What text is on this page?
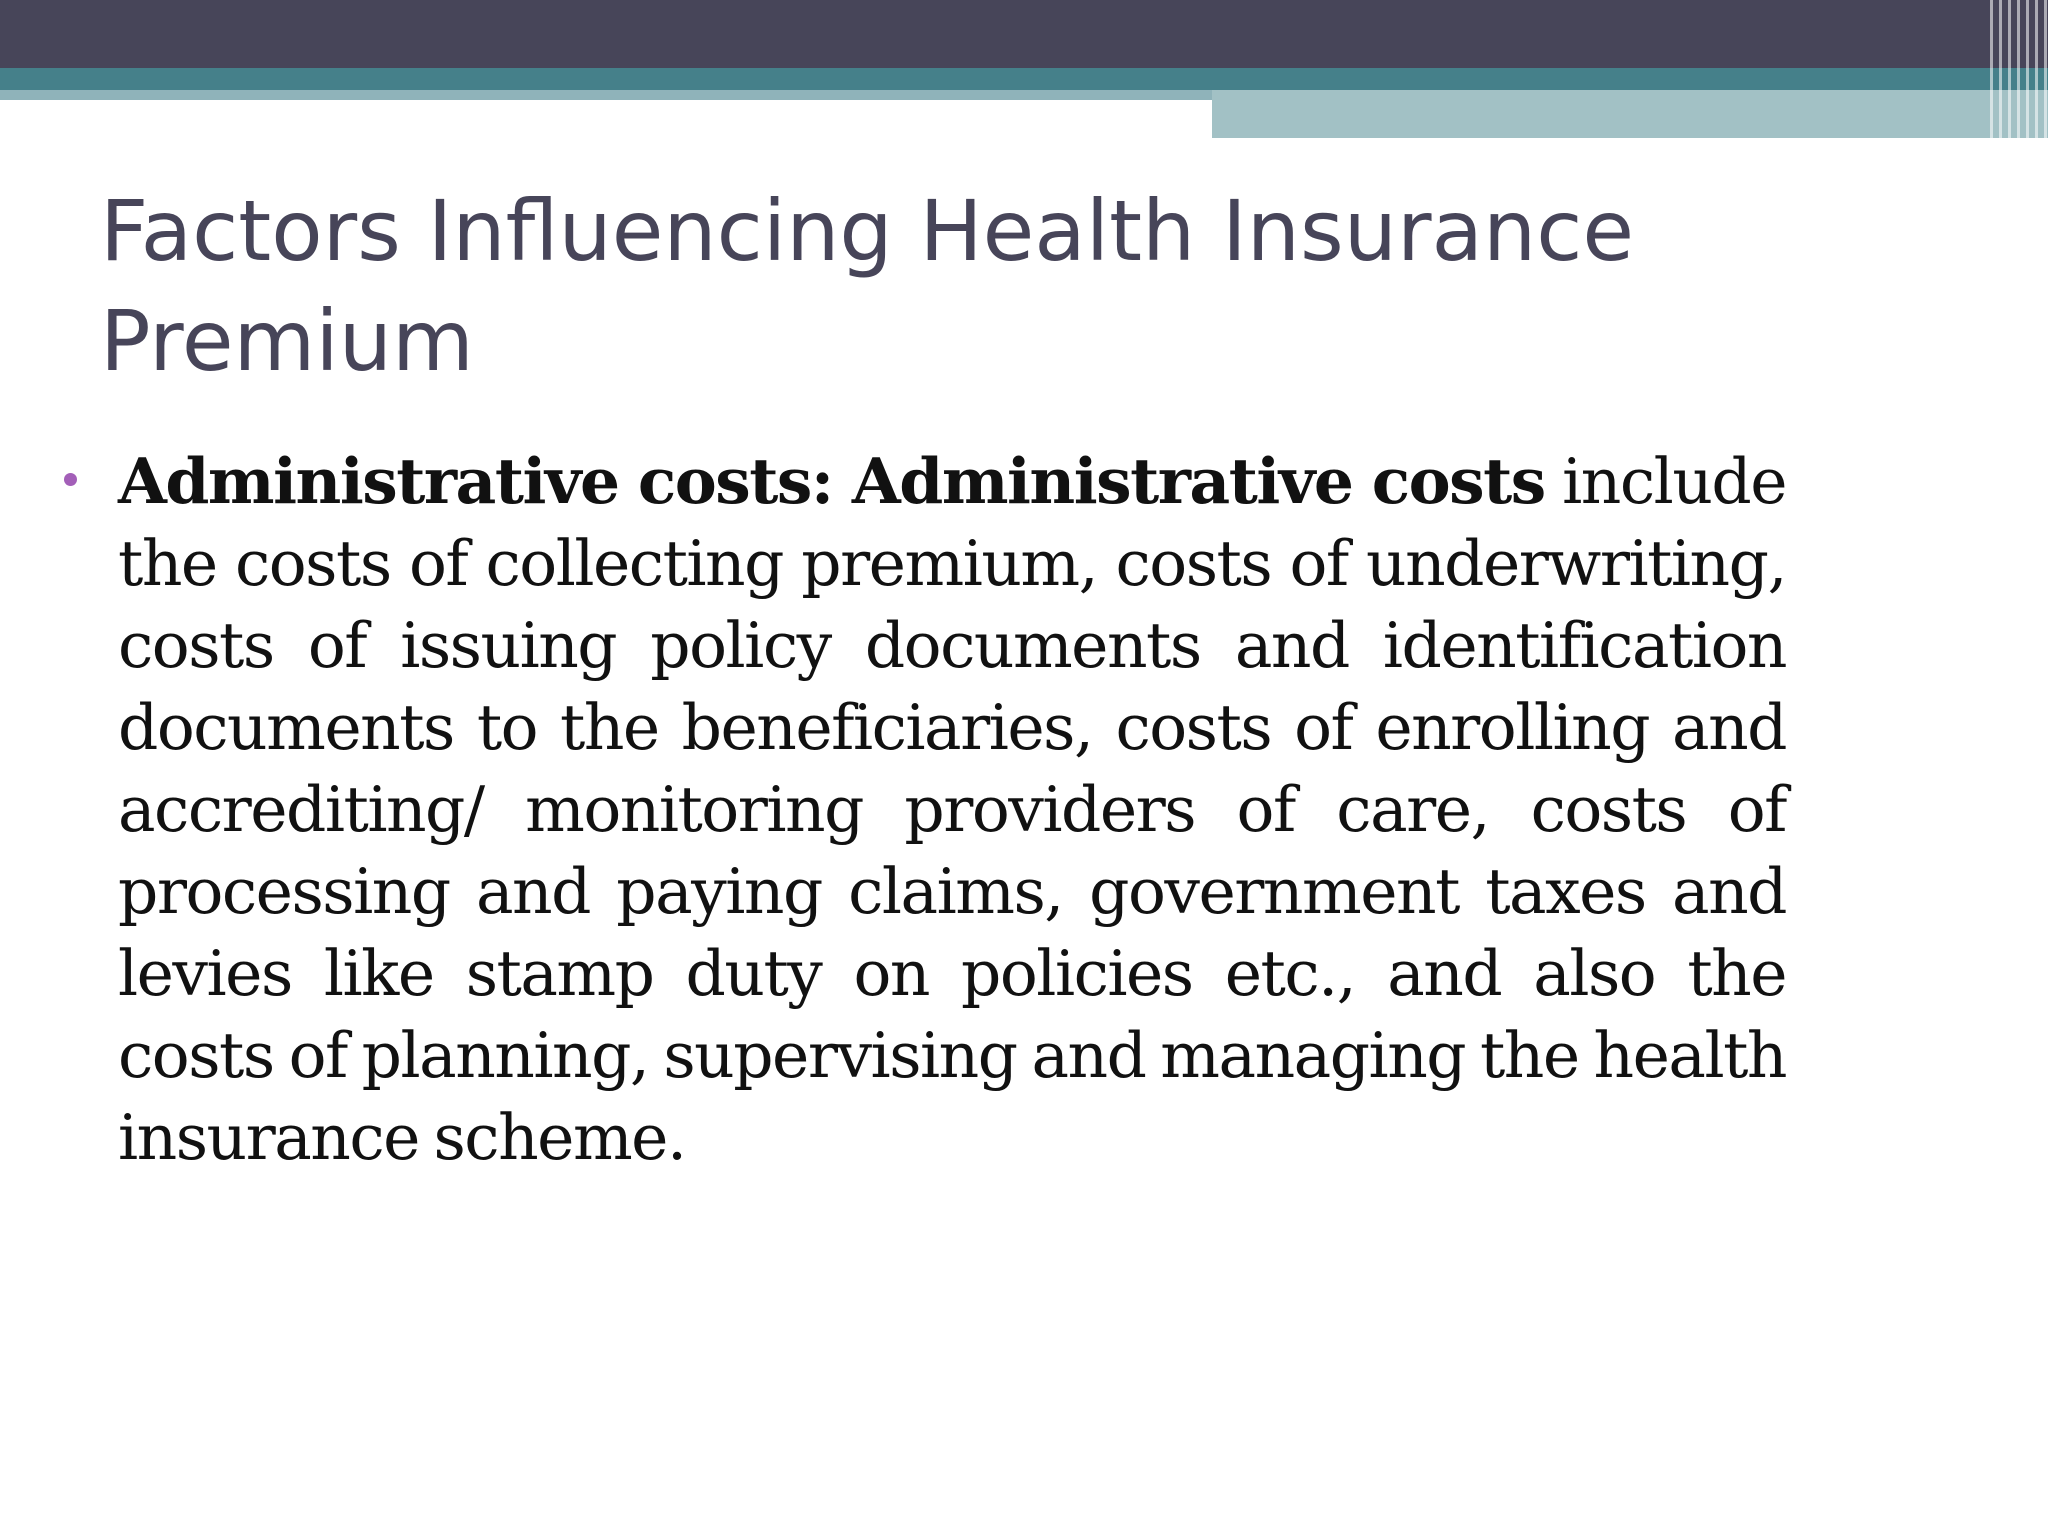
Factors Influencing Health Insurance
Premium

Administrative costs: Administrative costs include the costs of collecting premium, costs of underwriting, costs of issuing policy documents and identification documents to the beneficiaries, costs of enrolling and accrediting/ monitoring providers of care, costs of processing and paying claims, government taxes and levies like stamp duty on policies etc., and also the costs of planning, supervising and managing the health insurance scheme.
